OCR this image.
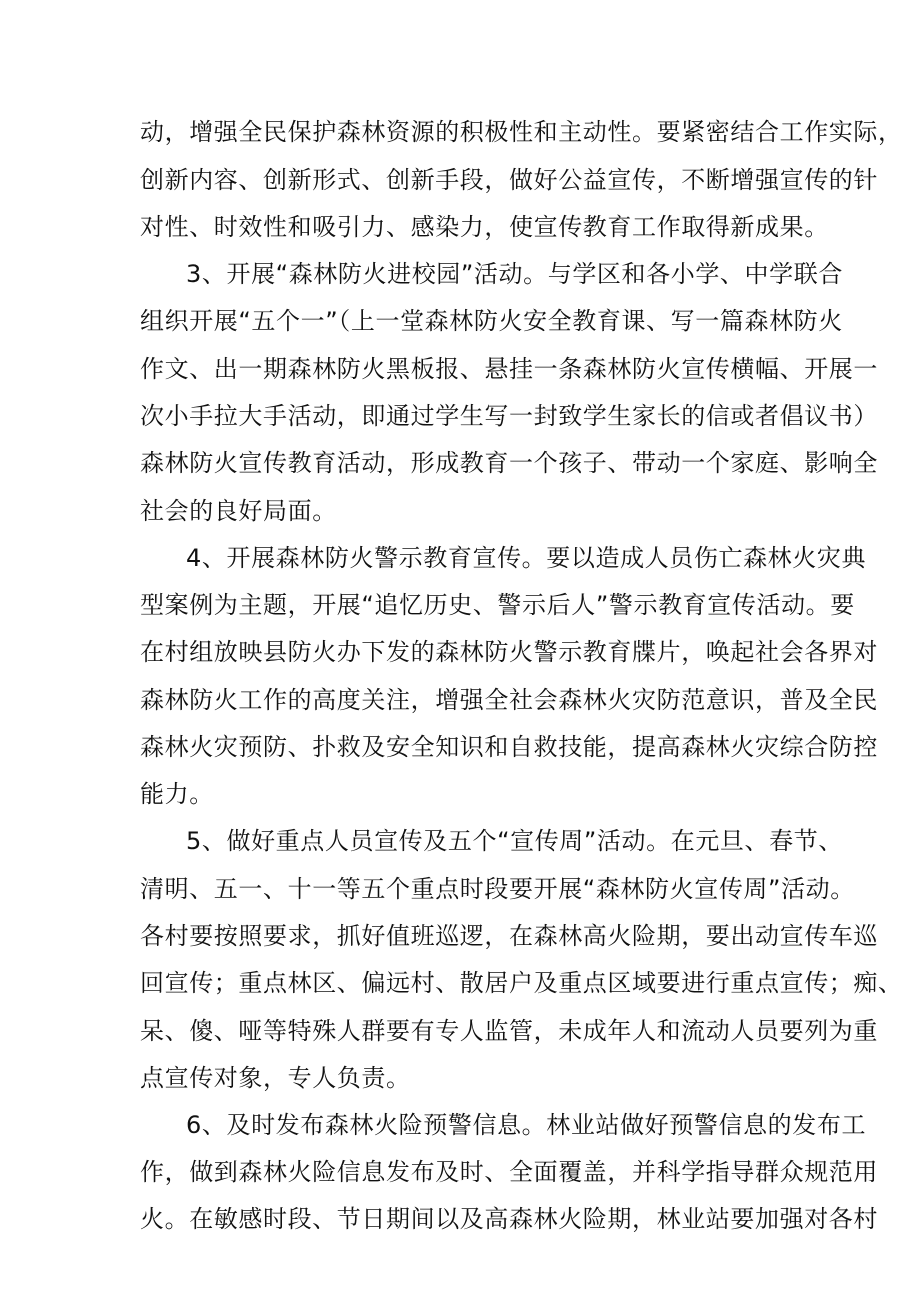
动，增强全民保护森林资源的积极性和主动性。要紧密结合工作实际，
创新内容、创新形式、创新手段，做好公益宣传，不断增强宣传的针
对性、时效性和吸引力、感染力，使宣传教育工作取得新成果。
3、开展“森林防火进校园”活动。与学区和各小学、中学联合
组织开展“五个一”（上一堂森林防火安全教育课、写一篇森林防火
作文、出一期森林防火黑板报、悬挂一条森林防火宣传横幅、开展一
次小手拉大手活动，即通过学生写一封致学生家长的信或者倡议书）
森林防火宣传教育活动，形成教育一个孩子、带动一个家庭、影响全
社会的良好局面。
4、开展森林防火警示教育宣传。要以造成人员伤亡森林火灾典
型案例为主题，开展“追忆历史、警示后人”警示教育宣传活动。要
在村组放映县防火办下发的森林防火警示教育牒片，唤起社会各界对
森林防火工作的高度关注，增强全社会森林火灾防范意识，普及全民
森林火灾预防、扑救及安全知识和自救技能，提高森林火灾综合防控
能力。
5、做好重点人员宣传及五个“宣传周”活动。在元旦、春节、
清明、五一、十一等五个重点时段要开展“森林防火宣传周”活动。
各村要按照要求，抓好值班巡逻，在森林高火险期，要出动宣传车巡
回宣传；重点林区、偏远村、散居户及重点区域要进行重点宣传；痴、
呆、傻、哑等特殊人群要有专人监管，未成年人和流动人员要列为重
点宣传对象，专人负责。
6、及时发布森林火险预警信息。林业站做好预警信息的发布工
作，做到森林火险信息发布及时、全面覆盖，并科学指导群众规范用
火。在敏感时段、节日期间以及高森林火险期，林业站要加强对各村
